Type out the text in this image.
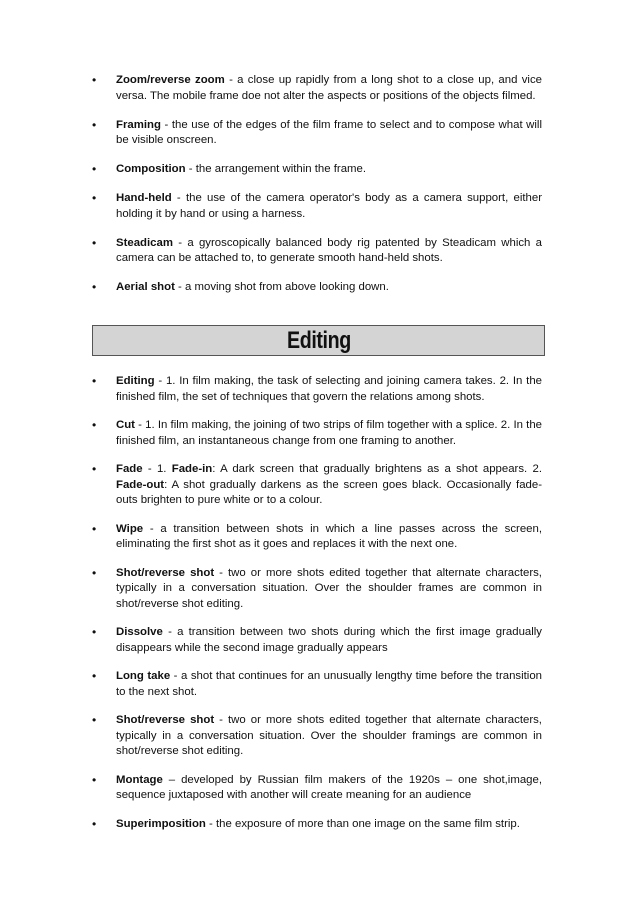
• Zoom/reverse zoom - a close up rapidly from a long shot to a close up, and vice versa. The mobile frame doe not alter the aspects or positions of the objects filmed.
• Framing - the use of the edges of the film frame to select and to compose what will be visible onscreen.
• Composition - the arrangement within the frame.
• Hand-held - the use of the camera operator's body as a camera support, either holding it by hand or using a harness.
• Steadicam - a gyroscopically balanced body rig patented by Steadicam which a camera can be attached to, to generate smooth hand-held shots.
• Aerial shot - a moving shot from above looking down.
Editing
• Editing - 1. In film making, the task of selecting and joining camera takes. 2. In the finished film, the set of techniques that govern the relations among shots.
• Cut - 1. In film making, the joining of two strips of film together with a splice. 2. In the finished film, an instantaneous change from one framing to another.
• Fade - 1. Fade-in: A dark screen that gradually brightens as a shot appears. 2. Fade-out: A shot gradually darkens as the screen goes black. Occasionally fade-outs brighten to pure white or to a colour.
• Wipe - a transition between shots in which a line passes across the screen, eliminating the first shot as it goes and replaces it with the next one.
• Shot/reverse shot - two or more shots edited together that alternate characters, typically in a conversation situation. Over the shoulder frames are common in shot/reverse shot editing.
• Dissolve - a transition between two shots during which the first image gradually disappears while the second image gradually appears
• Long take - a shot that continues for an unusually lengthy time before the transition to the next shot.
• Shot/reverse shot - two or more shots edited together that alternate characters, typically in a conversation situation. Over the shoulder framings are common in shot/reverse shot editing.
• Montage – developed by Russian film makers of the 1920s – one shot,image, sequence juxtaposed with another will create meaning for an audience
• Superimposition - the exposure of more than one image on the same film strip.
